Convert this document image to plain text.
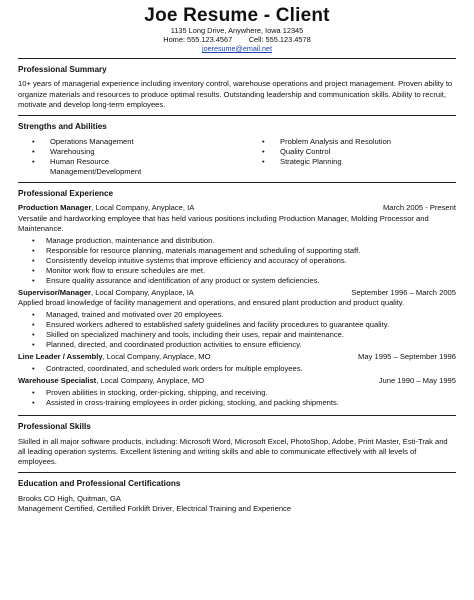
Joe Resume - Client
1135 Long Drive, Anywhere, Iowa 12345
Home: 555.123.4567        Cell: 555.123.4578
joeresume@email.net
Professional Summary
10+ years of managerial experience including inventory control, warehouse operations and project management. Proven ability to organize materials and resources to produce optimal results. Outstanding leadership and communication skills. Ability to recruit, motivate and develop long-term employees.
Strengths and Abilities
• Operations Management
• Warehousing
• Human Resource Management/Development
• Problem Analysis and Resolution
• Quality Control
• Strategic Planning
Professional Experience
Production Manager, Local Company, Anyplace, IA	March 2005 - Present
Versatile and hardworking employee that has held various positions including Production Manager, Molding Processor and Maintenance.
• Manage production, maintenance and distribution.
• Responsible for resource planning, materials management and scheduling of supporting staff.
• Consistently develop intuitive systems that improve efficiency and accuracy of operations.
• Monitor work flow to ensure schedules are met.
• Ensure quality assurance and identification of any product or system deficiencies.
Supervisor/Manager, Local Company, Anyplace, IA	September 1996 – March 2005
Applied broad knowledge of facility management and operations, and ensured plant production and product quality.
• Managed, trained and motivated over 20 employees.
• Ensured workers adhered to established safety guidelines and facility procedures to guarantee quality.
• Skilled on specialized machinery and tools, including their uses, repair and maintenance.
• Planned, directed, and coordinated production activities to ensure efficiency.
Line Leader / Assembly, Local Company, Anyplace, MO	May 1995 – September 1996
• Contracted, coordinated, and scheduled work orders for multiple employees.
Warehouse Specialist, Local Company, Anyplace, MO	June 1990 – May 1995
• Proven abilities in stocking, order-picking, shipping, and receiving.
• Assisted in cross-training employees in order picking, stocking, and packing shipments.
Professional Skills
Skilled in all major software products, including: Microsoft Word, Microsoft Excel, PhotoShop, Adobe, Print Master, Esti-Trak and all leading operation systems. Excellent listening and writing skills and able to communicate effectively with all levels of employees.
Education and Professional Certifications
Brooks CO High, Quitman, GA
Management Certified, Certified Forklift Driver, Electrical Training and Experience
